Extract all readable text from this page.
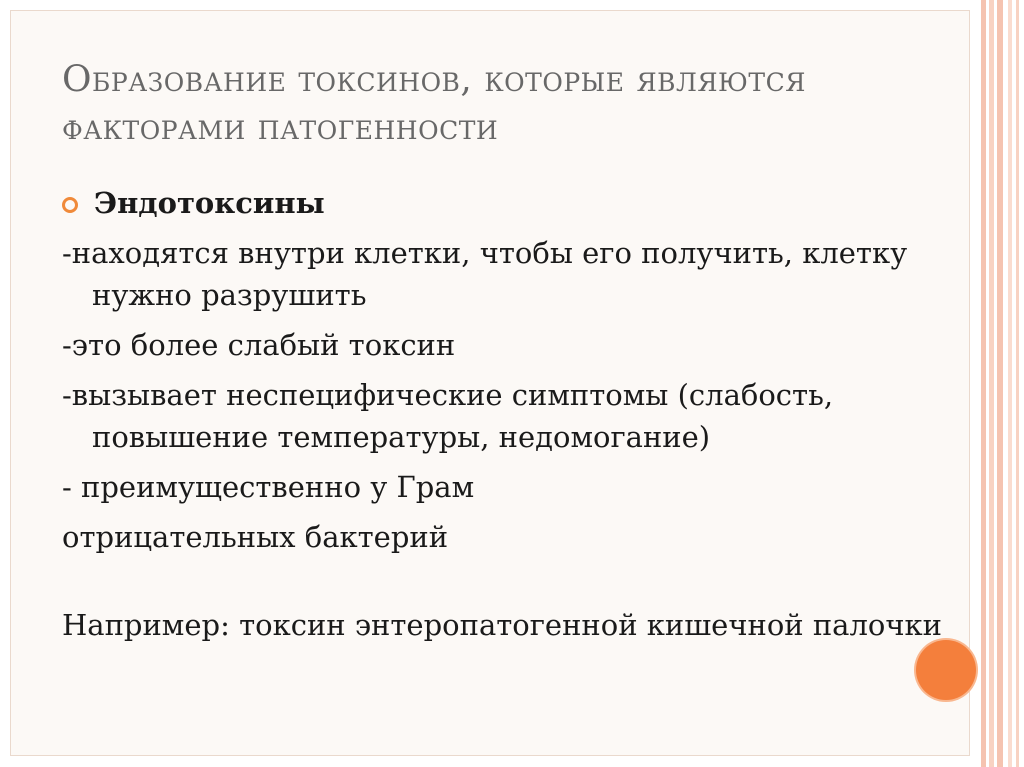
Образование токсинов, которые являются факторами патогенности
Эндотоксины
-находятся внутри клетки, чтобы его получить, клетку нужно разрушить
-это более слабый токсин
-вызывает неспецифические симптомы (слабость, повышение температуры, недомогание)
- преимущественно у Грам
отрицательных бактерий
Например: токсин энтеропатогенной кишечной палочки
